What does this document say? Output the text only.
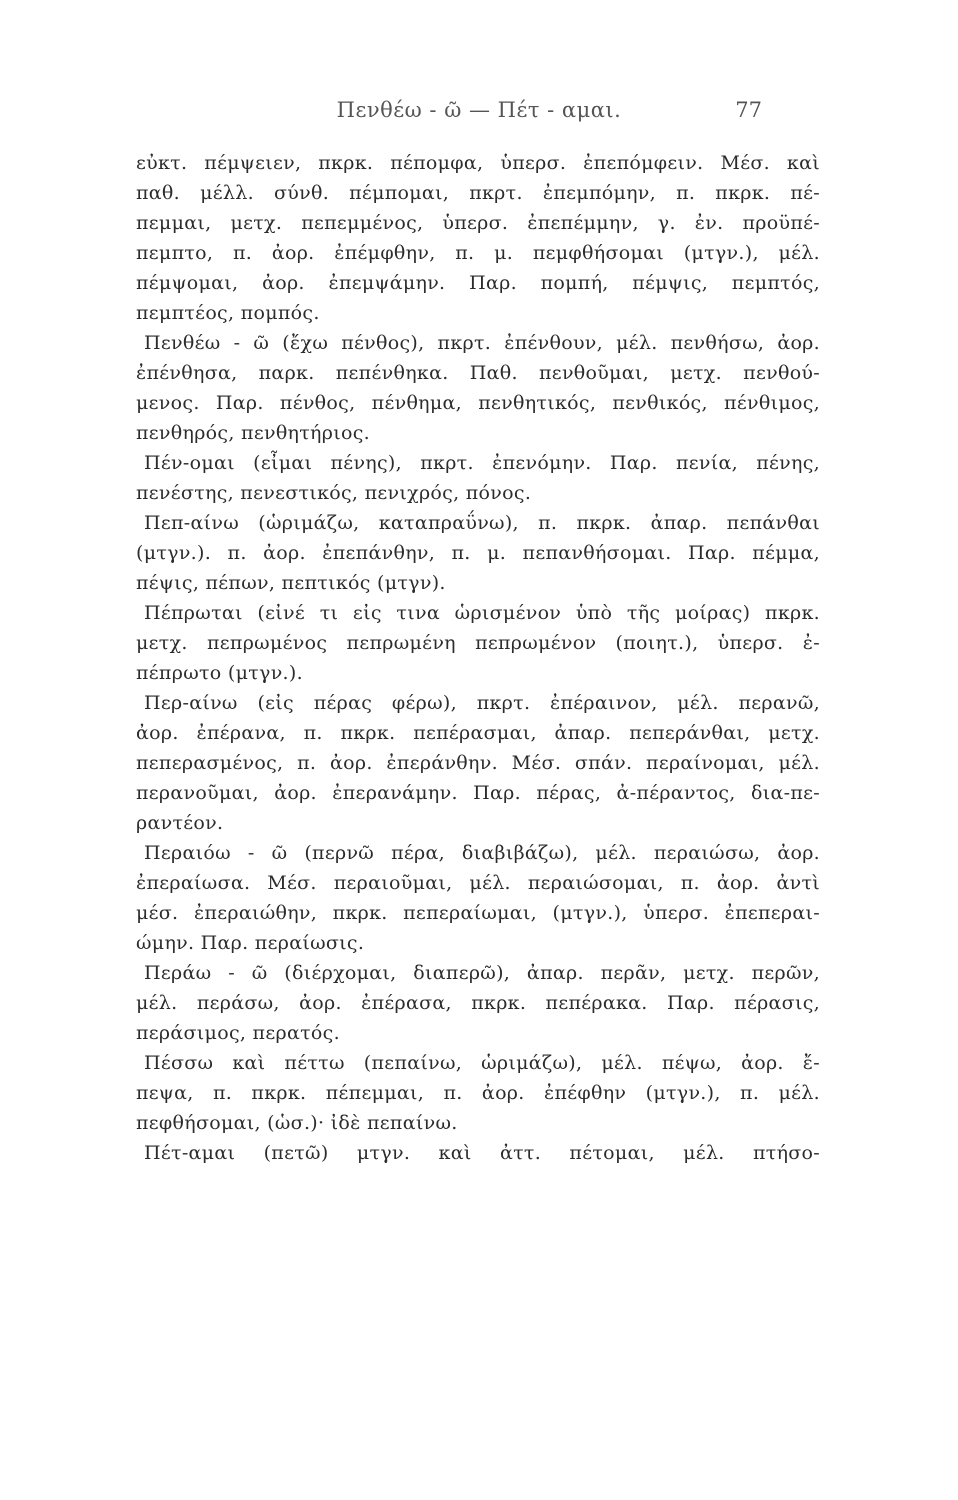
Πενθέω - ῶ — Πέτ - αμαι.	77
εὐκτ. πέμψειεν, πκρκ. πέπομφα, ὑπερσ. ἐπεπόμφειν. Μέσ. καὶ
παθ. μέλλ. σύνθ. πέμπομαι, πκρτ. ἐπεμπόμην, π. πκρκ. πέ-
πεμμαι, μετχ. πεπεμμένος, ὑπερσ. ἐπεπέμμην, γ. ἐν. προϋπέ-
πεμπτο, π. ἀορ. ἐπέμφθην, π. μ. πεμφθήσομαι (μτγν.), μέλ.
πέμψομαι, ἀορ. ἐπεμψάμην. Παρ. πομπή, πέμψις, πεμπτός,
πεμπτέος, πομπός.
Πενθέω - ῶ (ἔχω πένθος), πκρτ. ἐπένθουν, μέλ. πενθήσω, ἀορ.
ἐπένθησα, παρκ. πεπένθηκα. Παθ. πενθοῦμαι, μετχ. πενθού-
μενος. Παρ. πένθος, πένθημα, πενθητικός, πενθικός, πένθιμος,
πενθηρός, πενθητήριος.
Πέν-ομαι (εἶμαι πένης), πκρτ. ἐπενόμην. Παρ. πενία, πένης,
πενέστης, πενεστικός, πενιχρός, πόνος.
Πεπ-αίνω (ὡριμάζω, καταπραΰνω), π. πκρκ. ἀπαρ. πεπάνθαι
(μτγν.). π. ἀορ. ἐπεπάνθην, π. μ. πεπανθήσομαι. Παρ. πέμμα,
πέψις, πέπων, πεπτικός (μτγν).
Πέπρωται (εἰνέ τι εἰς τινα ὡρισμένον ὑπὸ τῆς μοίρας) πκρκ.
μετχ. πεπρωμένος πεπρωμένη πεπρωμένον (ποιητ.), ὑπερσ. ἐ-
πέπρωτο (μτγν.).
Περ-αίνω (εἰς πέρας φέρω), πκρτ. ἐπέραινον, μέλ. περανῶ,
ἀορ. ἐπέρανα, π. πκρκ. πεπέρασμαι, ἀπαρ. πεπεράνθαι, μετχ.
πεπερασμένος, π. ἀορ. ἐπεράνθην. Μέσ. σπάν. περαίνομαι, μέλ.
περανοῦμαι, ἀορ. ἐπερανάμην. Παρ. πέρας, ἀ-πέραντος, δια-πε-
ραντέον.
Περαιόω - ῶ (περνῶ πέρα, διαβιβάζω), μέλ. περαιώσω, ἀορ.
ἐπεραίωσα. Μέσ. περαιοῦμαι, μέλ. περαιώσομαι, π. ἀορ. ἀντὶ
μέσ. ἐπεραιώθην, πκρκ. πεπεραίωμαι, (μτγν.), ὑπερσ. ἐπεπεραι-
ώμην. Παρ. περαίωσις.
Περάω - ῶ (διέρχομαι, διαπερῶ), ἀπαρ. περᾶν, μετχ. περῶν,
μέλ. περάσω, ἀορ. ἐπέρασα, πκρκ. πεπέρακα. Παρ. πέρασις,
περάσιμος, περατός.
Πέσσω καὶ πέττω (πεπαίνω, ὡριμάζω), μέλ. πέψω, ἀορ. ἔ-
πεψα, π. πκρκ. πέπεμμαι, π. ἀορ. ἐπέφθην (μτγν.), π. μέλ.
πεφθήσομαι, (ὡσ.)· ἰδὲ πεπαίνω.
Πέτ-αμαι (πετῶ) μτγν. καὶ ἀττ. πέτομαι, μέλ. πτήσο-
